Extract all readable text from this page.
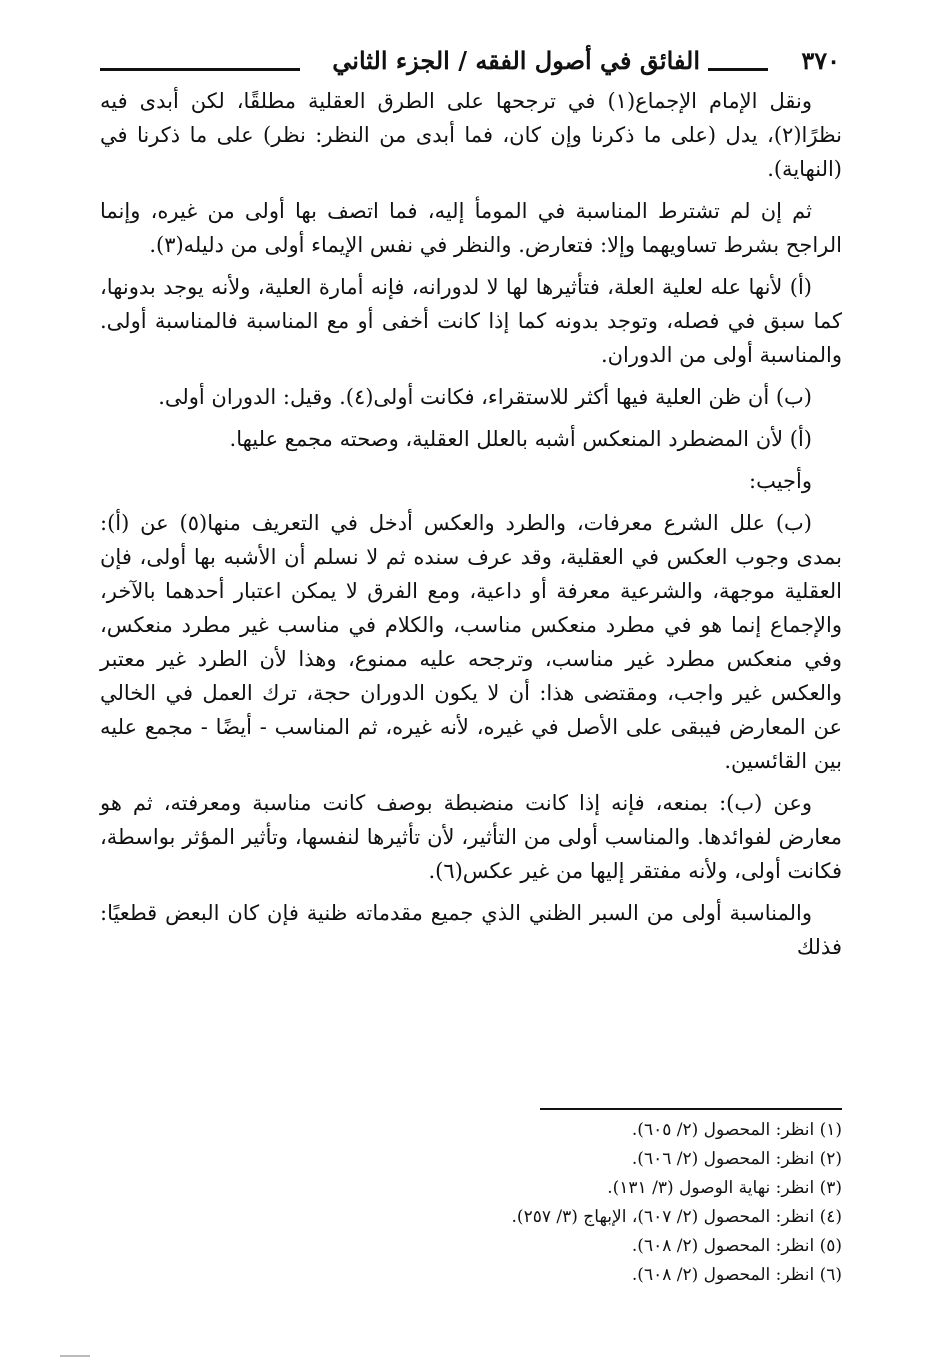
٣٧٠
الفائق في أصول الفقه / الجزء الثاني

ونقل الإمام الإجماع(١) في ترجحها على الطرق العقلية مطلقًا، لكن أبدى فيه نظرًا(٢)، يدل (على ما ذكرنا وإن كان، فما أبدى من النظر: نظر) على ما ذكرنا في (النهاية).

ثم إن لم تشترط المناسبة في المومأ إليه، فما اتصف بها أولى من غيره، وإنما الراجح بشرط تساويهما وإلا: فتعارض. والنظر في نفس الإيماء أولى من دليله(٣).

(أ) لأنها عله لعلية العلة، فتأثيرها لها لا لدورانه، فإنه أمارة العلية، ولأنه يوجد بدونها، كما سبق في فصله، وتوجد بدونه كما إذا كانت أخفى أو مع المناسبة فالمناسبة أولى. والمناسبة أولى من الدوران.

(ب) أن ظن العلية فيها أكثر للاستقراء، فكانت أولى(٤). وقيل: الدوران أولى.

(أ) لأن المضطرد المنعكس أشبه بالعلل العقلية، وصحته مجمع عليها.

وأجيب:

(ب) علل الشرع معرفات، والطرد والعكس أدخل في التعريف منها(٥) عن (أ): بمدى وجوب العكس في العقلية، وقد عرف سنده ثم لا نسلم أن الأشبه بها أولى، فإن العقلية موجهة، والشرعية معرفة أو داعية، ومع الفرق لا يمكن اعتبار أحدهما بالآخر، والإجماع إنما هو في مطرد منعكس مناسب، والكلام في مناسب غير مطرد منعكس، وفي منعكس مطرد غير مناسب، وترجحه عليه ممنوع، وهذا لأن الطرد غير معتبر والعكس غير واجب، ومقتضى هذا: أن لا يكون الدوران حجة، ترك العمل في الخالي عن المعارض فيبقى على الأصل في غيره، لأنه غيره، ثم المناسب - أيضًا - مجمع عليه بين القائسين.

وعن (ب): بمنعه، فإنه إذا كانت منضبطة بوصف كانت مناسبة ومعرفته، ثم هو معارض لفوائدها. والمناسب أولى من التأثير، لأن تأثيرها لنفسها، وتأثير المؤثر بواسطة، فكانت أولى، ولأنه مفتقر إليها من غير عكس(٦).

والمناسبة أولى من السبر الظني الذي جميع مقدماته ظنية فإن كان البعض قطعيًا: فذلك

(١) انظر: المحصول (٢/ ٦٠٥).
(٢) انظر: المحصول (٢/ ٦٠٦).
(٣) انظر: نهاية الوصول (٣/ ١٣١).
(٤) انظر: المحصول (٢/ ٦٠٧)، الإبهاج (٣/ ٢٥٧).
(٥) انظر: المحصول (٢/ ٦٠٨).
(٦) انظر: المحصول (٢/ ٦٠٨).
